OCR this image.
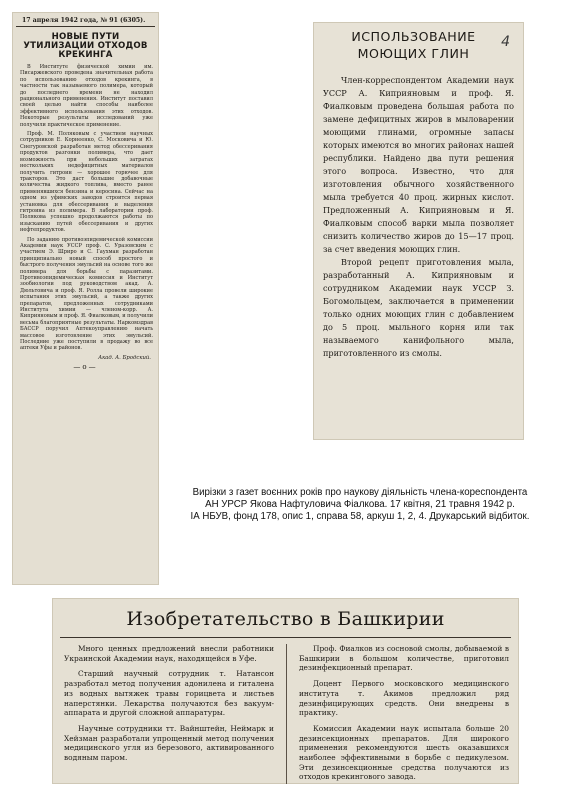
17 апреля 1942 года, № 91 (6305).
НОВЫЕ ПУТИ УТИЛИЗАЦИИ ОТХОДОВ КРЕКИНГА

В Институте физической химии им. Писаржевского проведена значительная работа по использованию отходов крекинга, в частности так называемого полимера, который до последнего времени не находил рационального применения. Институт поставил своей целью найти способы наиболее эффективного использования этих отходов. Некоторые результаты исследований уже получили практическое применение.

Проф. М. Поляковым с участием научных сотрудников Е. Корнеенко, С. Московича и Ю. Снегуровской разработан метод обессеривания продуктов разгонки полимера, что дает возможность при небольших затратах несткольких недефицитных материалов получить гитроин — хорошее горючее для тракторов. Это даст большие добавочные количества жидкого топлива, вместо ранее применявшихся бензина и керосина. Сейчас на одном из уфимских заводов строится первая установка для обессеривания и выделения гитроина из полимера. В лаборатории проф. Полякова успешно продолжаются работы по изысканию путей обессеривания и других нефтепродуктов.

По заданию противоэпидемической комиссии Академии наук УССР проф. С. Уразовским с участием Э. Шриро и С. Гаухман разработан принципиально новый способ простого и быстрого получения эмульсий на основе того же полимера для борьбы с паразитами. Противоэпидемическая комиссия и Институт зообиологии под руководством акад. А. Дюльтовича и проф. Я. Ролла провели широкие испытания этих эмульсий, а также других препаратов, предложенных сотрудниками Института химии — членом-корр. А. Киприяновым и проф. Я. Фиалковым, и получили весьма благоприятные результаты. Наркомздрав БАССР поручил Аптекоуправлению начать массовое изготовление этих эмульсий. Последние уже поступили в продажу во все аптеки Уфы и районов.

Акад. А. Бродский.
—o—
4
ИСПОЛЬЗОВАНИЕ
МОЮЩИХ ГЛИН

Член-корреспондентом Академии наук УССР А. Киприяновым и проф. Я. Фиалковым проведена большая работа по замене дефицитных жиров в мыловарении моющими глинами, огромные запасы которых имеются во многих районах нашей республики. Найдено два пути решения этого вопроса. Известно, что для изготовления обычного хозяйственного мыла требуется 40 проц. жирных кислот. Предложенный А. Киприяновым и Я. Фиалковым способ варки мыла позволяет снизить количество жиров до 15—17 проц. за счет введения моющих глин.

Второй рецепт приготовления мыла, разработанный А. Киприяновым и сотрудником Академии наук УССР З. Богомольцем, заключается в применении только одних моющих глин с добавлением до 5 проц. мыльного корня или так называемого канифольного мыла, приготовленного из смолы.

Вирізки з газет воєнних років про наукову діяльність члена-кореспондента
АН УРСР Якова Нафтуловича Фіалкова. 17 квітня, 21 травня 1942 р.
ІА НБУВ, фонд 178, опис 1, справа 58, аркуш 1, 2, 4. Друкарський відбиток.
Изобретательство в Башкирии

Много ценных предложений внесли работники Украинской Академии наук, находящейся в Уфе.

Старший научный сотрудник т. Натансон разработал метод получения адонилена и гиталена из водных вытяжек травы горицвета и листьев наперстянки. Лекарства получаются без вакуум-аппарата и другой сложной аппаратуры.

Научные сотрудники тт. Вайнштейн, Неймарк и Хейзман разработали упрощенный метод получения медицинского угля из березового, активированного водяным паром.

Проф. Фиалков из сосновой смолы, добываемой в Башкирии в большом количестве, приготовил дезинфекционный препарат.

Доцент Первого московского медицинского института т. Акимов предложил ряд дезинфицирующих средств. Они внедрены в практику.

Комиссия Академии наук испытала больше 20 дезинсекционных препаратов. Для широкого применения рекомендуются шесть оказавшихся наиболее эффективными в борьбе с педикулезом. Эти дезинсекционные средства получаются из отходов крекингового завода.
